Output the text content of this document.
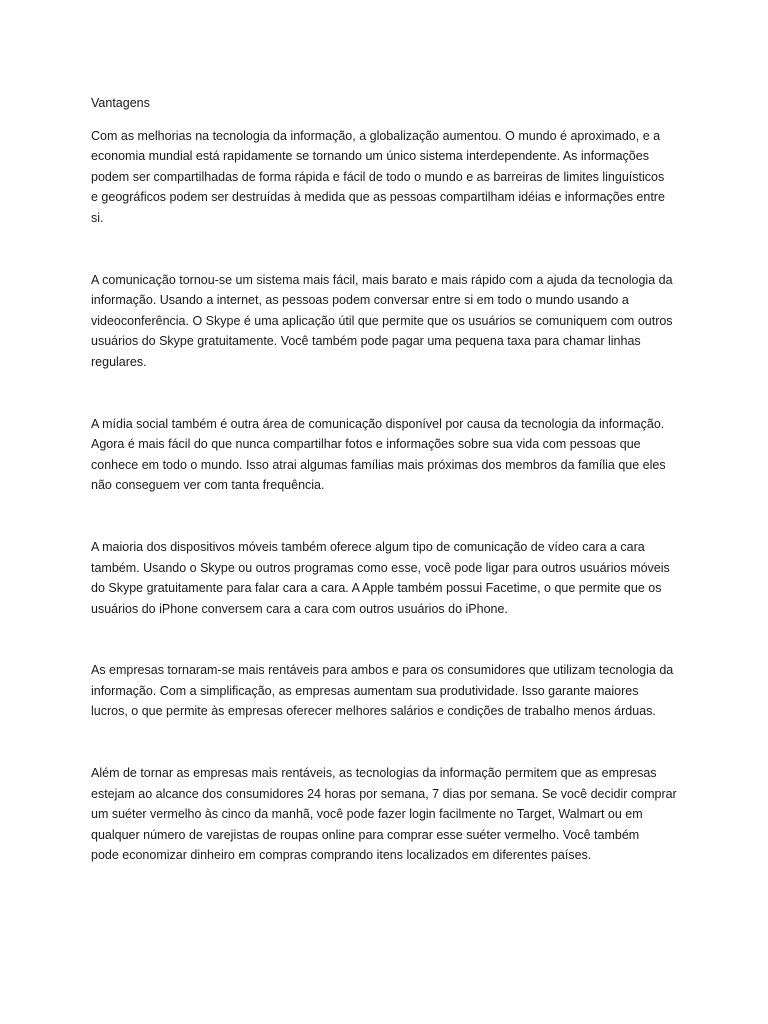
Vantagens
Com as melhorias na tecnologia da informação, a globalização aumentou. O mundo é aproximado, e a
economia mundial está rapidamente se tornando um único sistema interdependente. As informações
podem ser compartilhadas de forma rápida e fácil de todo o mundo e as barreiras de limites linguísticos
e geográficos podem ser destruídas à medida que as pessoas compartilham idéias e informações entre
si.
A comunicação tornou-se um sistema mais fácil, mais barato e mais rápido com a ajuda da tecnologia da
informação. Usando a internet, as pessoas podem conversar entre si em todo o mundo usando a
videoconferência. O Skype é uma aplicação útil que permite que os usuários se comuniquem com outros
usuários do Skype gratuitamente. Você também pode pagar uma pequena taxa para chamar linhas
regulares.
A mídia social também é outra área de comunicação disponível por causa da tecnologia da informação.
Agora é mais fácil do que nunca compartilhar fotos e informações sobre sua vida com pessoas que
conhece em todo o mundo. Isso atrai algumas famílias mais próximas dos membros da família que eles
não conseguem ver com tanta frequência.
A maioria dos dispositivos móveis também oferece algum tipo de comunicação de vídeo cara a cara
também. Usando o Skype ou outros programas como esse, você pode ligar para outros usuários móveis
do Skype gratuitamente para falar cara a cara. A Apple também possui Facetime, o que permite que os
usuários do iPhone conversem cara a cara com outros usuários do iPhone.
As empresas tornaram-se mais rentáveis para ambos e para os consumidores que utilizam tecnologia da
informação. Com a simplificação, as empresas aumentam sua produtividade. Isso garante maiores
lucros, o que permite às empresas oferecer melhores salários e condições de trabalho menos árduas.
Além de tornar as empresas mais rentáveis, as tecnologias da informação permitem que as empresas
estejam ao alcance dos consumidores 24 horas por semana, 7 dias por semana. Se você decidir comprar
um suéter vermelho às cinco da manhã, você pode fazer login facilmente no Target, Walmart ou em
qualquer número de varejistas de roupas online para comprar esse suéter vermelho. Você também
pode economizar dinheiro em compras comprando itens localizados em diferentes países.
